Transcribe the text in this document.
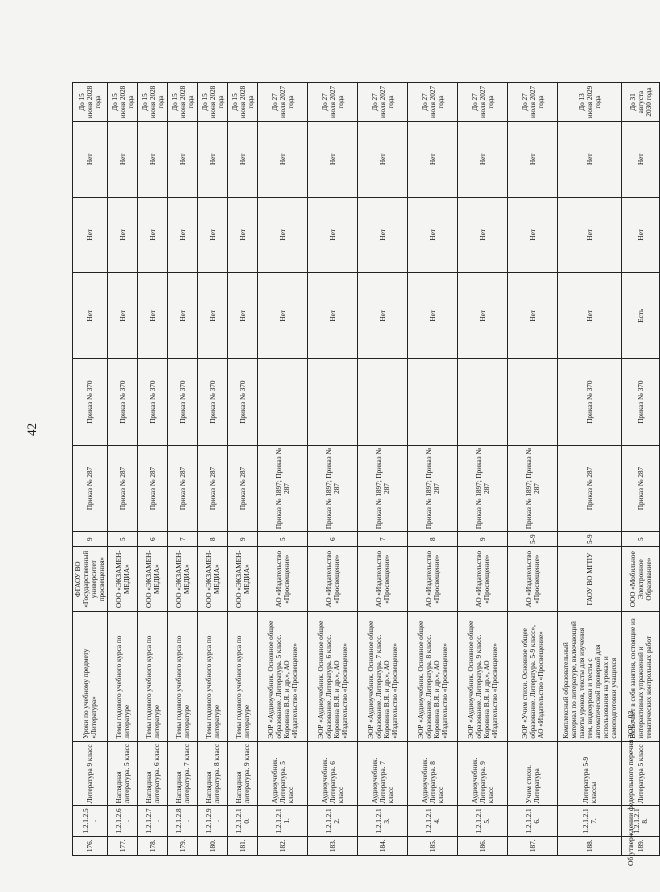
42
176.	1.2.1.2.5.	Литература 9 класс	Уроки по учебному предмету «Литература»	ФГАОУ ВО «Государственный университет просвещения»	9	Приказ № 287	Приказ № 370	Нет	Нет	Нет	До 15 июня 2028 года

177.	1.2.1.2.6.	Наглядная литература. 5 класс	Темы годового учебного курса по литературе	ООО «ЭКЗАМЕН-МЕДИА»	5	Приказ № 287	Приказ № 370	Нет	Нет	Нет	До 15 июня 2028 года

178.	1.2.1.2.7.	Наглядная литература. 6 класс	Темы годового учебного курса по литературе	ООО «ЭКЗАМЕН-МЕДИА»	6	Приказ № 287	Приказ № 370	Нет	Нет	Нет	До 15 июня 2028 года

179.	1.2.1.2.8.	Наглядная литература. 7 класс	Темы годового учебного курса по литературе	ООО «ЭКЗАМЕН-МЕДИА»	7	Приказ № 287	Приказ № 370	Нет	Нет	Нет	До 15 июня 2028 года

180.	1.2.1.2.9.	Наглядная литература. 8 класс	Темы годового учебного курса по литературе	ООО «ЭКЗАМЕН-МЕДИА»	8	Приказ № 287	Приказ № 370	Нет	Нет	Нет	До 15 июня 2028 года

181.	1.2.1.2.10.	Наглядная литература. 9 класс	Темы годового учебного курса по литературе	ООО «ЭКЗАМЕН-МЕДИА»	9	Приказ № 287	Приказ № 370	Нет	Нет	Нет	До 15 июня 2028 года

182.	1.2.1.2.11.	Аудиоучебник. Литература. 5 класс	ЭОР «Аудиоучебник. Основное общее образование. Литература. 5 класс. Коровина В.Я. и др.», АО «Издательство «Просвещение»	АО «Издательство «Просвещение»	5	Приказ № 1897; Приказ № 287		Нет	Нет	Нет	До 27 июля 2027 года

183.	1.2.1.2.12.	Аудиоучебник. Литература. 6 класс	ЭОР «Аудиоучебник. Основное общее образование. Литература. 6 класс. Коровина В.Я. и др.», АО «Издательство «Просвещение»	АО «Издательство «Просвещение»	6	Приказ № 1897; Приказ № 287		Нет	Нет	Нет	До 27 июля 2027 года

184.	1.2.1.2.13.	Аудиоучебник. Литература. 7 класс	ЭОР «Аудиоучебник. Основное общее образование. Литература. 7 класс. Коровина В.Я. и др.», АО «Издательство «Просвещение»	АО «Издательство «Просвещение»	7	Приказ № 1897; Приказ № 287		Нет	Нет	Нет	До 27 июля 2027 года

185.	1.2.1.2.14.	Аудиоучебник. Литература. 8 класс	ЭОР «Аудиоучебник. Основное общее образование. Литература. 8 класс. Коровина В.Я. и др.», АО «Издательство «Просвещение»	АО «Издательство «Просвещение»	8	Приказ № 1897; Приказ № 287		Нет	Нет	Нет	До 27 июля 2027 года

186.	1.2.1.2.15.	Аудиоучебник. Литература. 9 класс	ЭОР «Аудиоучебник. Основное общее образование. Литература. 9 класс. Коровина В.Я. и др.», АО «Издательство «Просвещение»	АО «Издательство «Просвещение»	9	Приказ № 1897; Приказ № 287		Нет	Нет	Нет	До 27 июля 2027 года

187.	1.2.1.2.16.	Учим стихи. Литература	ЭОР «Учим стихи. Основное общее образование. Литература. 5-9 класс», АО «Издательство «Просвещение»	АО «Издательство «Просвещение»	5-9	Приказ № 1897; Приказ № 287		Нет	Нет	Нет	До 27 июля 2027 года

188.	1.2.1.2.17.	Литература 5-9 классы	Комплексный образовательный материал по литературе, включающий пакеты уроков, тексты для изучения тем, видеоуроки и тесты с автоматической проверкой для использования на уроках и самоподготовки учащихся	ГАОУ ВО МГПУ	5-9	Приказ № 287	Приказ № 370	Нет	Нет	Нет	До 13 июня 2029 года

189.	1.2.1.2.18.	Литература 5 класс	Включает в себя занятия, состоящие из интерактивных упражнений и тематических контрольных работ	ООО «Мобильное Электронное Образование»	5	Приказ № 287	Приказ № 370	Есть	Нет	Нет	До 31 августа 2030 года
Об утверждении федерального перечня ЗОР - 03
